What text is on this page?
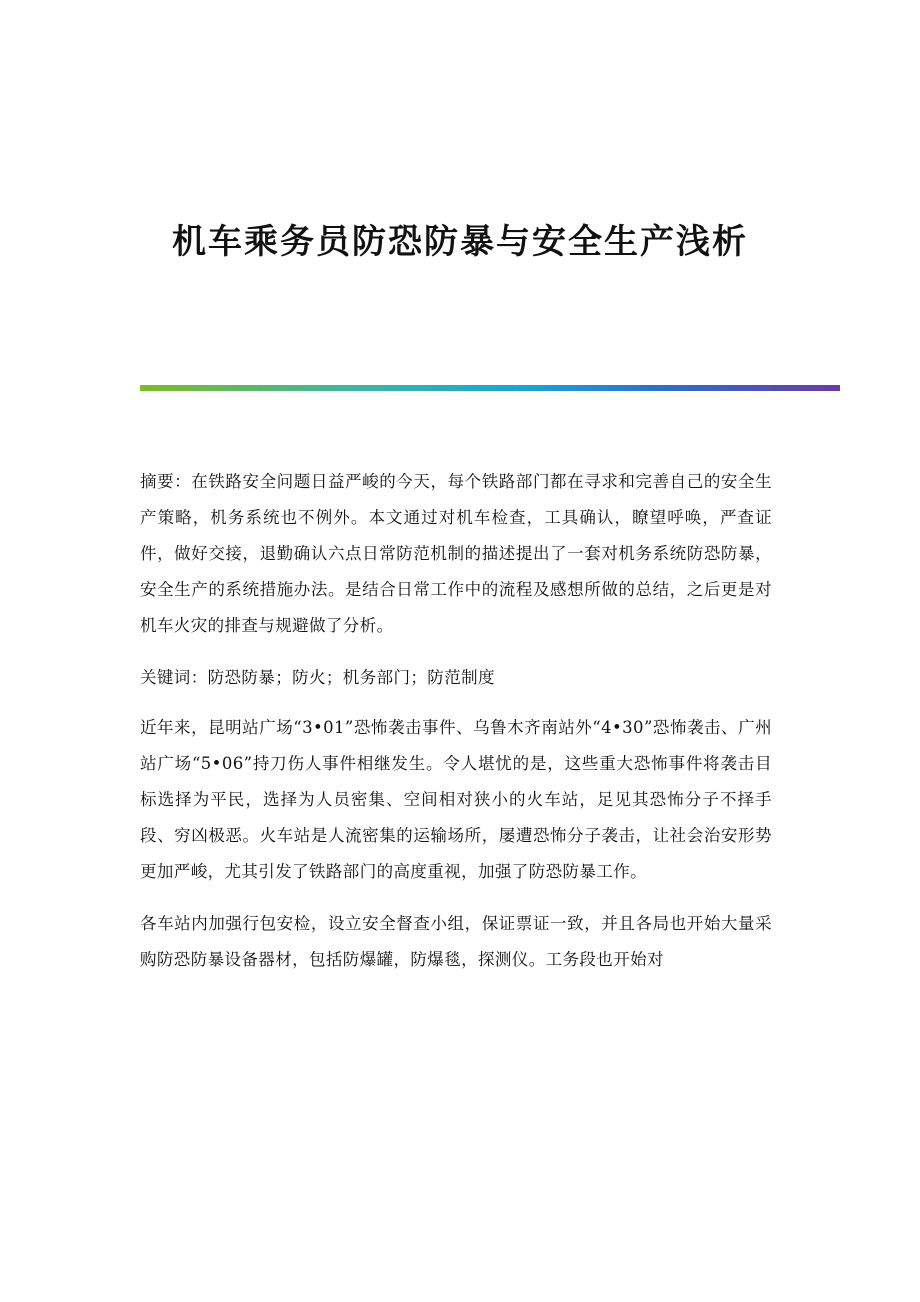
机车乘务员防恐防暴与安全生产浅析

摘要：在铁路安全问题日益严峻的今天，每个铁路部门都在寻求和完善自己的安全生产策略，机务系统也不例外。本文通过对机车检查，工具确认，瞭望呼唤，严查证件，做好交接，退勤确认六点日常防范机制的描述提出了一套对机务系统防恐防暴，安全生产的系统措施办法。是结合日常工作中的流程及感想所做的总结，之后更是对机车火灾的排查与规避做了分析。

关键词：防恐防暴；防火；机务部门；防范制度

近年来，昆明站广场“3•01”恐怖袭击事件、乌鲁木齐南站外“4•30”恐怖袭击、广州站广场“5•06”持刀伤人事件相继发生。令人堪忧的是，这些重大恐怖事件将袭击目标选择为平民，选择为人员密集、空间相对狭小的火车站，足见其恐怖分子不择手段、穷凶极恶。火车站是人流密集的运输场所，屡遭恐怖分子袭击，让社会治安形势更加严峻，尤其引发了铁路部门的高度重视，加强了防恐防暴工作。

各车站内加强行包安检，设立安全督查小组，保证票证一致，并且各局也开始大量采购防恐防暴设备器材，包括防爆罐，防爆毯，探测仪。工务段也开始对
